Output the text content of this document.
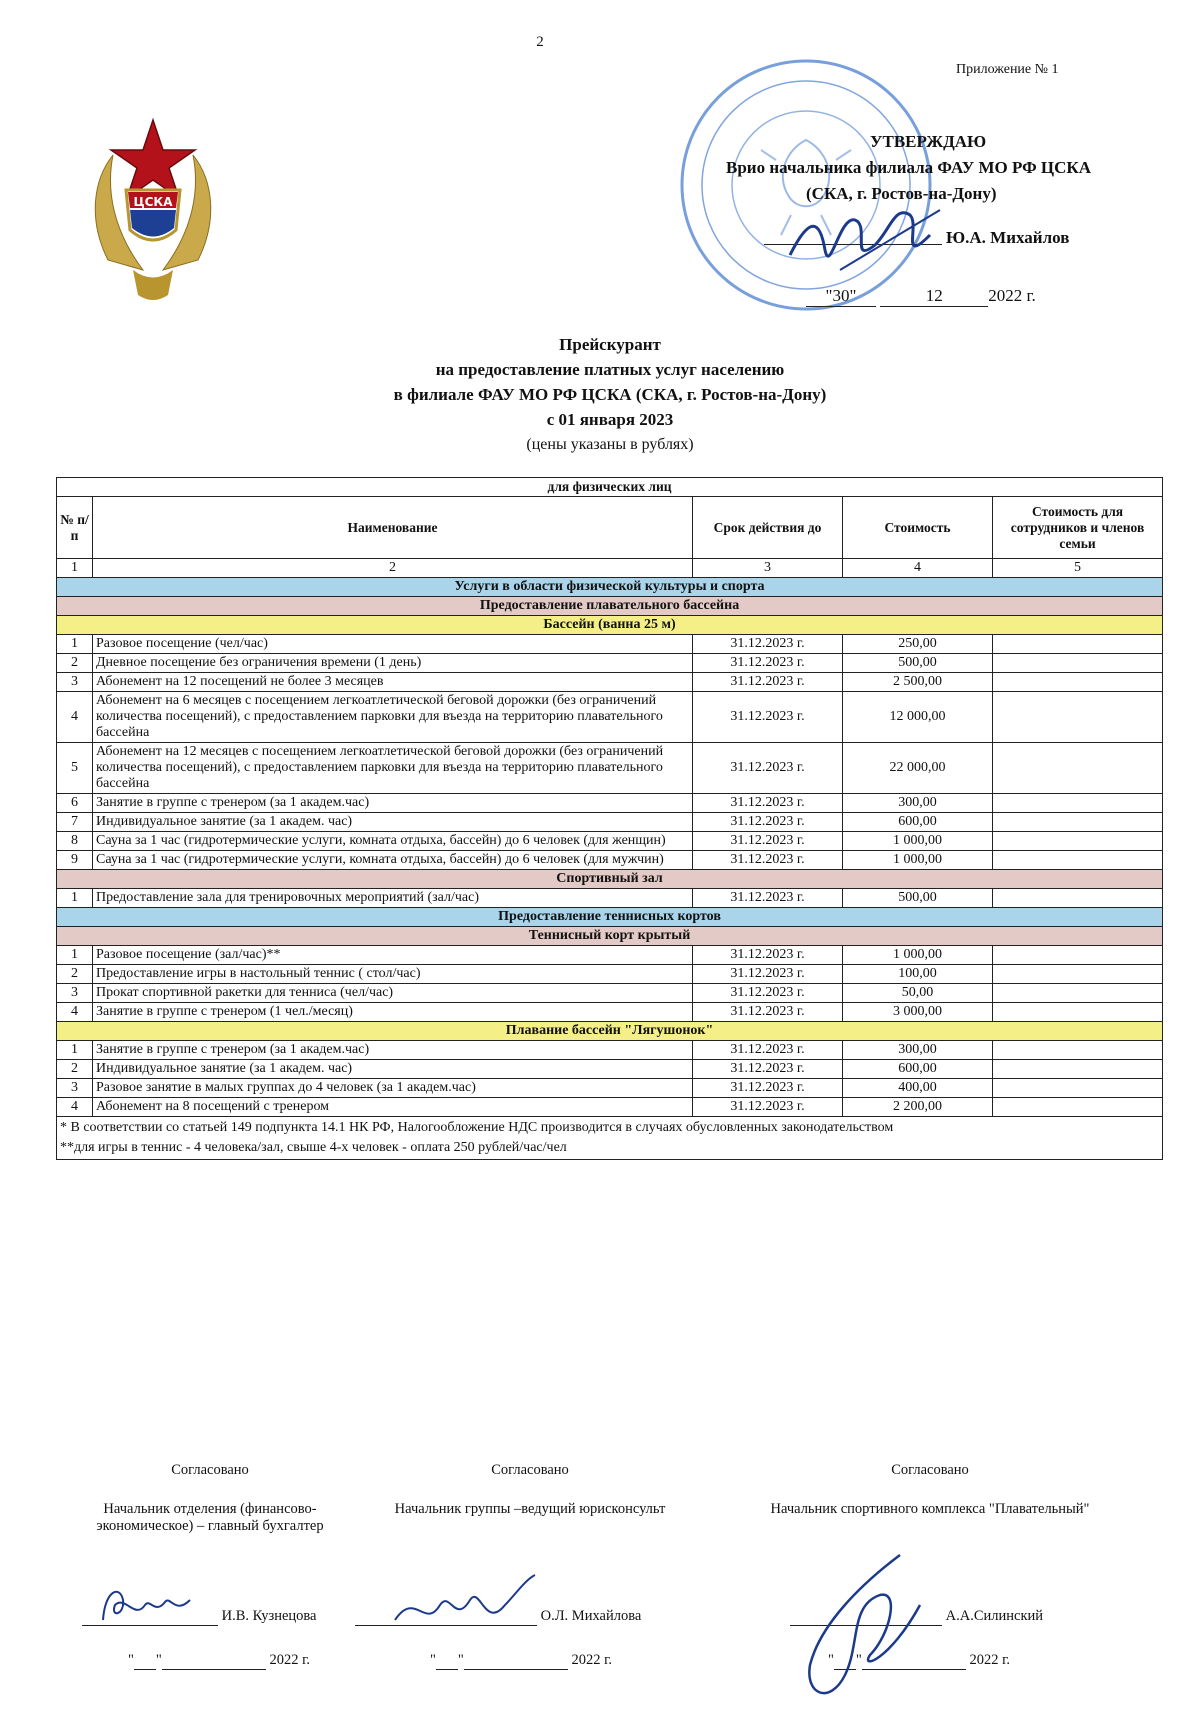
2
Приложение № 1
ЦСКА
УТВЕРЖДАЮ
Врио начальника филиала ФАУ МО РФ ЦСКА
(СКА, г. Ростов-на-Дону)
Ю.А. Михайлов
"30"	12	2022 г.
Прейскурант
на предоставление платных услуг населению
в филиале ФАУ МО РФ ЦСКА (СКА, г. Ростов-на-Дону)
с 01 января 2023
(цены указаны в рублях)
для физических лиц				
№ п/п	Наименование	Срок действия до	Стоимость	Стоимость для сотрудников и членов семьи
1	2	3	4	5
Услуги в области физической культуры и спорта				
Предоставление плавательного бассейна				
Бассейн (ванна 25 м)				
1	Разовое посещение (чел/час)	31.12.2023 г.	250,00	
2	Дневное посещение без ограничения времени (1 день)	31.12.2023 г.	500,00	
3	Абонемент на 12 посещений не более 3 месяцев	31.12.2023 г.	2 500,00	
4	Абонемент на 6 месяцев с посещением легкоатлетической беговой дорожки (без ограничений количества посещений), с предоставлением парковки для въезда на территорию плавательного бассейна	31.12.2023 г.	12 000,00	
5	Абонемент на 12 месяцев с посещением легкоатлетической беговой дорожки (без ограничений количества посещений), с предоставлением парковки для въезда на территорию плавательного бассейна	31.12.2023 г.	22 000,00	
6	Занятие в группе с тренером (за 1 академ.час)	31.12.2023 г.	300,00	
7	Индивидуальное занятие (за 1 академ. час)	31.12.2023 г.	600,00	
8	Сауна за 1 час (гидротермические услуги, комната отдыха, бассейн) до 6 человек (для женщин)	31.12.2023 г.	1 000,00	
9	Сауна за 1 час (гидротермические услуги, комната отдыха, бассейн) до 6 человек (для мужчин)	31.12.2023 г.	1 000,00	
Спортивный зал				
1	Предоставление зала для тренировочных мероприятий (зал/час)	31.12.2023 г.	500,00	
Предоставление теннисных кортов				
Теннисный корт крытый				
1	Разовое посещение (зал/час)**	31.12.2023 г.	1 000,00	
2	Предоставление игры в настольный теннис ( стол/час)	31.12.2023 г.	100,00	
3	Прокат спортивной ракетки для тенниса (чел/час)	31.12.2023 г.	50,00	
4	Занятие в группе с тренером (1 чел./месяц)	31.12.2023 г.	3 000,00	
Плавание бассейн "Лягушонок"				
1	Занятие в группе с тренером (за 1 академ.час)	31.12.2023 г.	300,00	
2	Индивидуальное занятие (за 1 академ. час)	31.12.2023 г.	600,00	
3	Разовое занятие в малых группах до 4 человек (за 1 академ.час)	31.12.2023 г.	400,00	
4	Абонемент на 8 посещений с тренером	31.12.2023 г.	2 200,00	

* В соответствии со статьей 149 подпункта 14.1 НК РФ, Налогообложение НДС производится в случаях обусловленных законодательством
**для игры в теннис - 4 человека/зал, свыше 4-х человек - оплата 250 рублей/час/чел				
Согласовано
Начальник отделения (финансово-экономическое) – главный бухгалтер
Согласовано
Начальник группы –ведущий юрисконсульт
Согласовано
Начальник спортивного комплекса "Плавательный"
И.В. Кузнецова	О.Л. Михайлова	А.А.Силинский
" "	2022 г.	" "	2022 г.	" "	2022 г.
